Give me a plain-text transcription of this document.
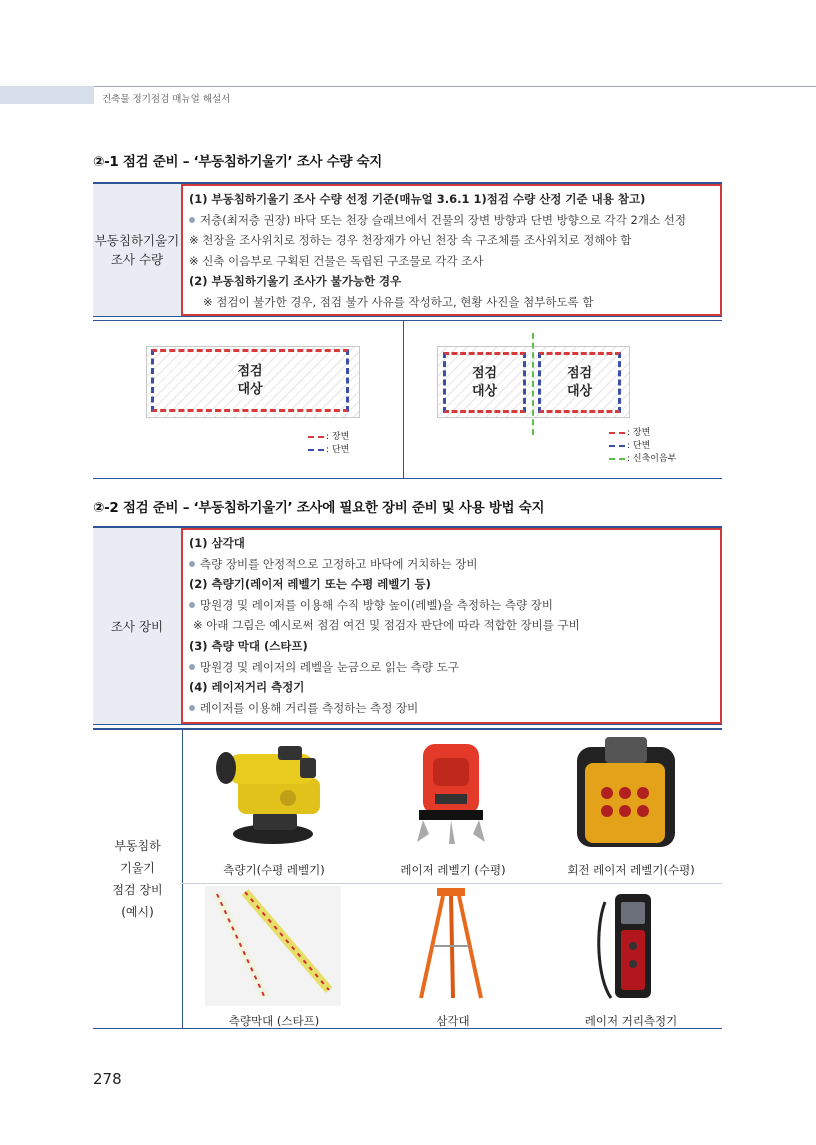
건축물 정기점검 매뉴얼 해설서
②-1 점검 준비 – ‘부동침하기울기’ 조사 수량 숙지
부동침하기울기
조사 수량
(1) 부동침하기울기 조사 수량 선정 기준(매뉴얼 3.6.1 1)점검 수량 산정 기준 내용 참고)
저층(최저층 권장) 바닥 또는 천장 슬래브에서 건물의 장변 방향과 단변 방향으로 각각 2개소 선정
※ 천장을 조사위치로 정하는 경우 천장재가 아닌 천장 속 구조체를 조사위치로 정해야 함
※ 신축 이음부로 구획된 건물은 독립된 구조물로 각각 조사
(2) 부동침하기울기 조사가 불가능한 경우
※ 점검이 불가한 경우, 점검 불가 사유를 작성하고, 현황 사진을 첨부하도록 함
점검
대상
: 장변
: 단변
점검
대상
점검
대상
: 장변
: 단변
: 신축이음부
②-2 점검 준비 – ‘부동침하기울기’ 조사에 필요한 장비 준비 및 사용 방법 숙지
조사 장비
(1) 삼각대
측량 장비를 안정적으로 고정하고 바닥에 거치하는 장비
(2) 측량기(레이저 레벨기 또는 수평 레벨기 등)
망원경 및 레이저를 이용해 수직 방향 높이(레벨)을 측정하는 측량 장비
※ 아래 그림은 예시로써 점검 여건 및 점검자 판단에 따라 적합한 장비를 구비
(3) 측량 막대 (스타프)
망원경 및 레이저의 레벨을 눈금으로 읽는 측량 도구
(4) 레이저거리 측정기
레이저를 이용해 거리를 측정하는 측정 장비
부동침하
기울기
점검 장비
(예시)
측량기(수평 레벨기)	레이저 레벨기 (수평)	회전 레이저 레벨기(수평)
측량막대 (스타프)	삼각대	레이저 거리측정기
278
